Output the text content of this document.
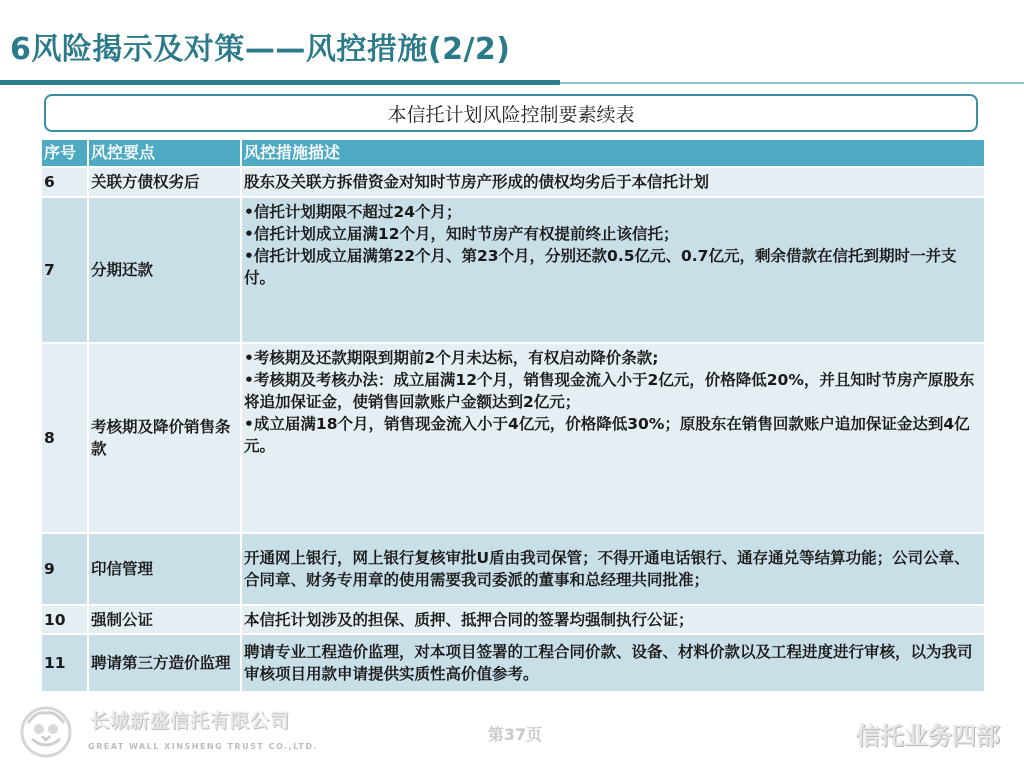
6风险揭示及对策——风控措施(2/2)
本信托计划风险控制要素续表
序号	风控要点	风控措施描述
6	关联方债权劣后	股东及关联方拆借资金对知时节房产形成的债权均劣后于本信托计划

7	分期还款	•信托计划期限不超过24个月；
•信托计划成立届满12个月，知时节房产有权提前终止该信托；
•信托计划成立届满第22个月、第23个月，分别还款0.5亿元、0.7亿元，剩余借款在信托到期时一并支付。

8	考核期及降价销售条款	•考核期及还款期限到期前2个月未达标，有权启动降价条款;
•考核期及考核办法：成立届满12个月，销售现金流入小于2亿元，价格降低20%，并且知时节房产原股东将追加保证金，使销售回款账户金额达到2亿元；
•成立届满18个月，销售现金流入小于4亿元，价格降低30%；原股东在销售回款账户追加保证金达到4亿元。

9	印信管理	开通网上银行，网上银行复核审批U盾由我司保管；不得开通电话银行、通存通兑等结算功能；公司公章、合同章、财务专用章的使用需要我司委派的董事和总经理共同批准；

10	强制公证	本信托计划涉及的担保、质押、抵押合同的签署均强制执行公证；

11	聘请第三方造价监理	聘请专业工程造价监理，对本项目签署的工程合同价款、设备、材料价款以及工程进度进行审核，以为我司审核项目用款申请提供实质性高价值参考。
长城新盛信托有限公司
GREAT WALL XINSHENG TRUST CO.,LTD.
第37页	信托业务四部
